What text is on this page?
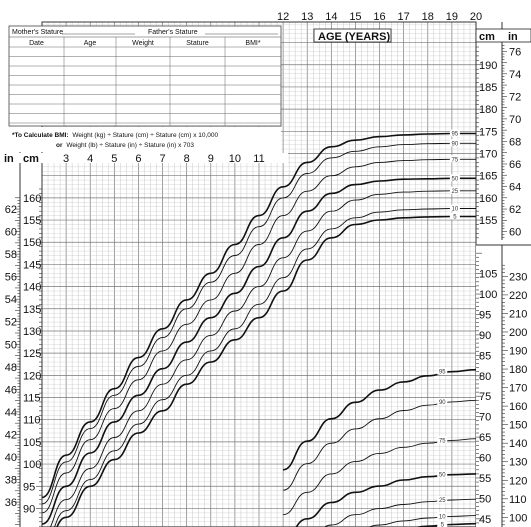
Mother's Stature	Father's Stature
Date	Age	Weight	Stature	BMI*
*To Calculate BMI: Weight (kg) ÷ Stature (cm) ÷ Stature (cm) x 10,000
or Weight (lb) ÷ Stature (in) ÷ Stature (in) x 703
AGE (YEARS)
in cm
cm in
5
10
25
50
75
90
95
5
10
25
50
75
90
95
12 13 14 15 16 17 18 19 20
3 4 5 6 7 8 9 10 11
90
95
100
105
110
115
120
125
130
135
140
145
150
155
160
36
38
40
42
44
46
48
50
52
54
56
58
60
62
155
160
165
170
175
180
185
190
60
62
64
66
68
70
72
74
76
45
50
55
60
65
70
75
80
85
90
95
100
105
100
110
120
130
140
150
160
170
180
190
200
210
220
230
